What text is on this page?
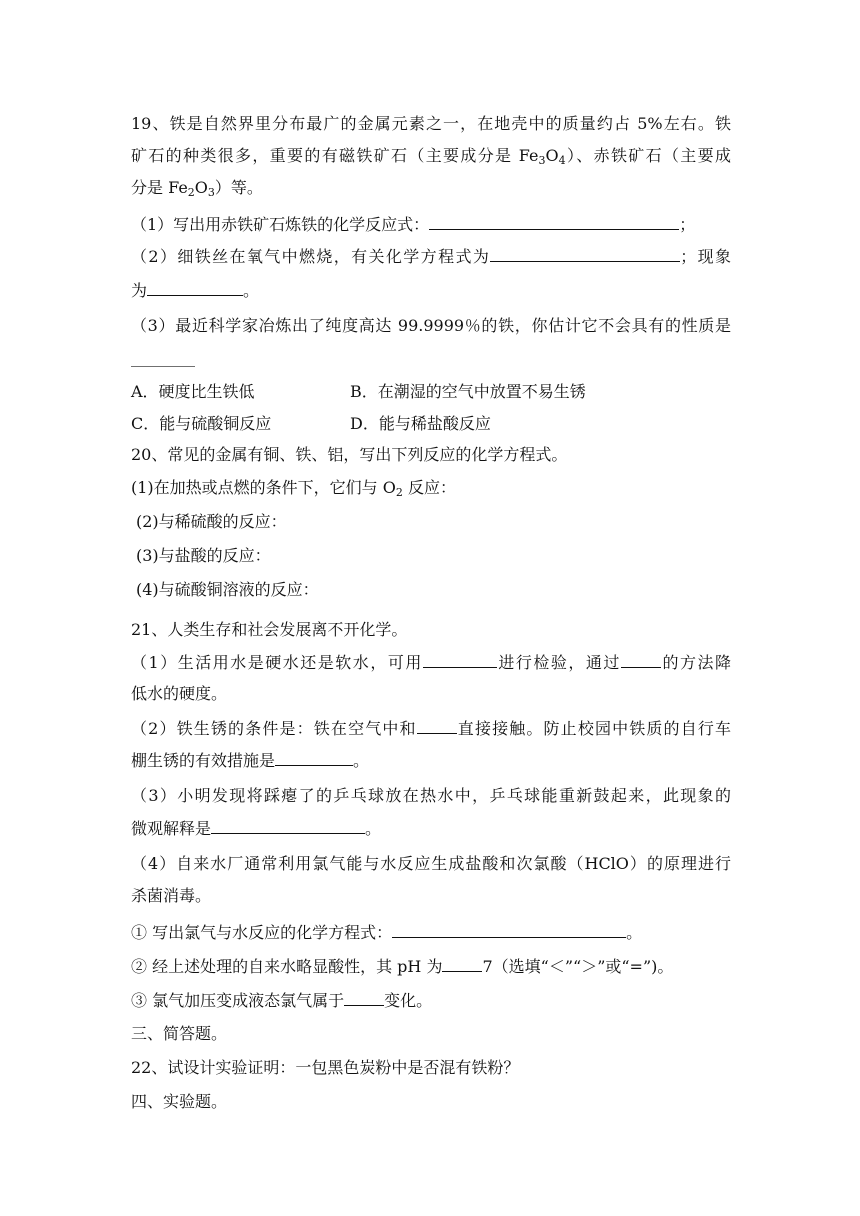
19、铁是自然界里分布最广的金属元素之一，在地壳中的质量约占 5%左右。铁
矿石的种类很多，重要的有磁铁矿石（主要成分是 $Fe_3O_4$）、赤铁矿石（主要成
分是 $Fe_2O_3$）等。
（1）写出用赤铁矿石炼铁的化学反应式：	；
（2）细铁丝在氧气中燃烧，有关化学方程式为	；现象
为	。
（3）最近科学家冶炼出了纯度高达 99.9999％的铁，你估计它不会具有的性质是
________
A．硬度比生铁低	B．在潮湿的空气中放置不易生锈
C．能与硫酸铜反应	D．能与稀盐酸反应
20、常见的金属有铜、铁、铝，写出下列反应的化学方程式。
(1)在加热或点燃的条件下，它们与 $O_2$ 反应：
(2)与稀硫酸的反应：
(3)与盐酸的反应：
(4)与硫酸铜溶液的反应：
21、人类生存和社会发展离不开化学。
（1）生活用水是硬水还是软水，可用	进行检验，通过	的方法降
低水的硬度。
（2）铁生锈的条件是：铁在空气中和	直接接触。防止校园中铁质的自行车
棚生锈的有效措施是	。
（3）小明发现将踩瘪了的乒乓球放在热水中，乒乓球能重新鼓起来，此现象的
微观解释是	。
（4）自来水厂通常利用氯气能与水反应生成盐酸和次氯酸（HClO）的原理进行
杀菌消毒。
① 写出氯气与水反应的化学方程式：	。
② 经上述处理的自来水略显酸性，其 pH 为	7（选填“＜”“＞”或“=”)。
③ 氯气加压变成液态氯气属于	变化。
三、简答题。
22、试设计实验证明：一包黑色炭粉中是否混有铁粉？
四、实验题。
